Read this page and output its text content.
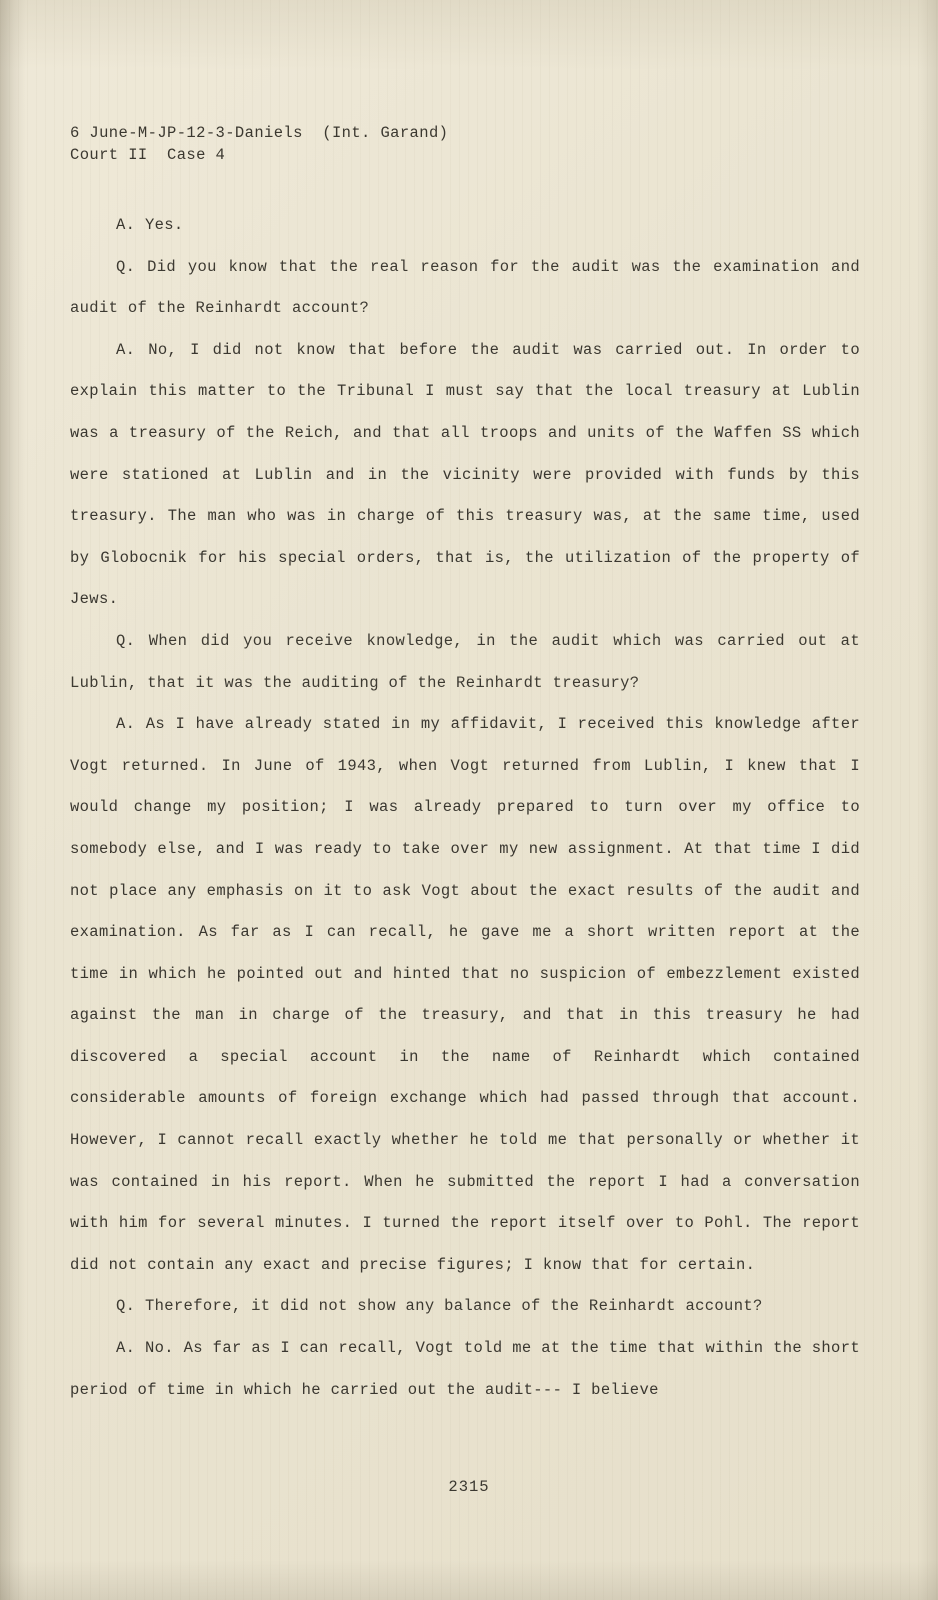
6 June-M-JP-12-3-Daniels  (Int. Garand)
Court II  Case 4

A. Yes.

Q. Did you know that the real reason for the audit was the examination and audit of the Reinhardt account?

A. No, I did not know that before the audit was carried out. In order to explain this matter to the Tribunal I must say that the local treasury at Lublin was a treasury of the Reich, and that all troops and units of the Waffen SS which were stationed at Lublin and in the vicinity were provided with funds by this treasury. The man who was in charge of this treasury was, at the same time, used by Globocnik for his special orders, that is, the utilization of the property of Jews.

Q. When did you receive knowledge, in the audit which was carried out at Lublin, that it was the auditing of the Reinhardt treasury?

A. As I have already stated in my affidavit, I received this knowledge after Vogt returned. In June of 1943, when Vogt returned from Lublin, I knew that I would change my position; I was already prepared to turn over my office to somebody else, and I was ready to take over my new assignment. At that time I did not place any emphasis on it to ask Vogt about the exact results of the audit and examination. As far as I can recall, he gave me a short written report at the time in which he pointed out and hinted that no suspicion of embezzlement existed against the man in charge of the treasury, and that in this treasury he had discovered a special account in the name of Reinhardt which contained considerable amounts of foreign exchange which had passed through that account. However, I cannot recall exactly whether he told me that personally or whether it was contained in his report. When he submitted the report I had a conversation with him for several minutes. I turned the report itself over to Pohl. The report did not contain any exact and precise figures; I know that for certain.

Q. Therefore, it did not show any balance of the Reinhardt account?

A. No. As far as I can recall, Vogt told me at the time that within the short period of time in which he carried out the audit--- I believe

2315
